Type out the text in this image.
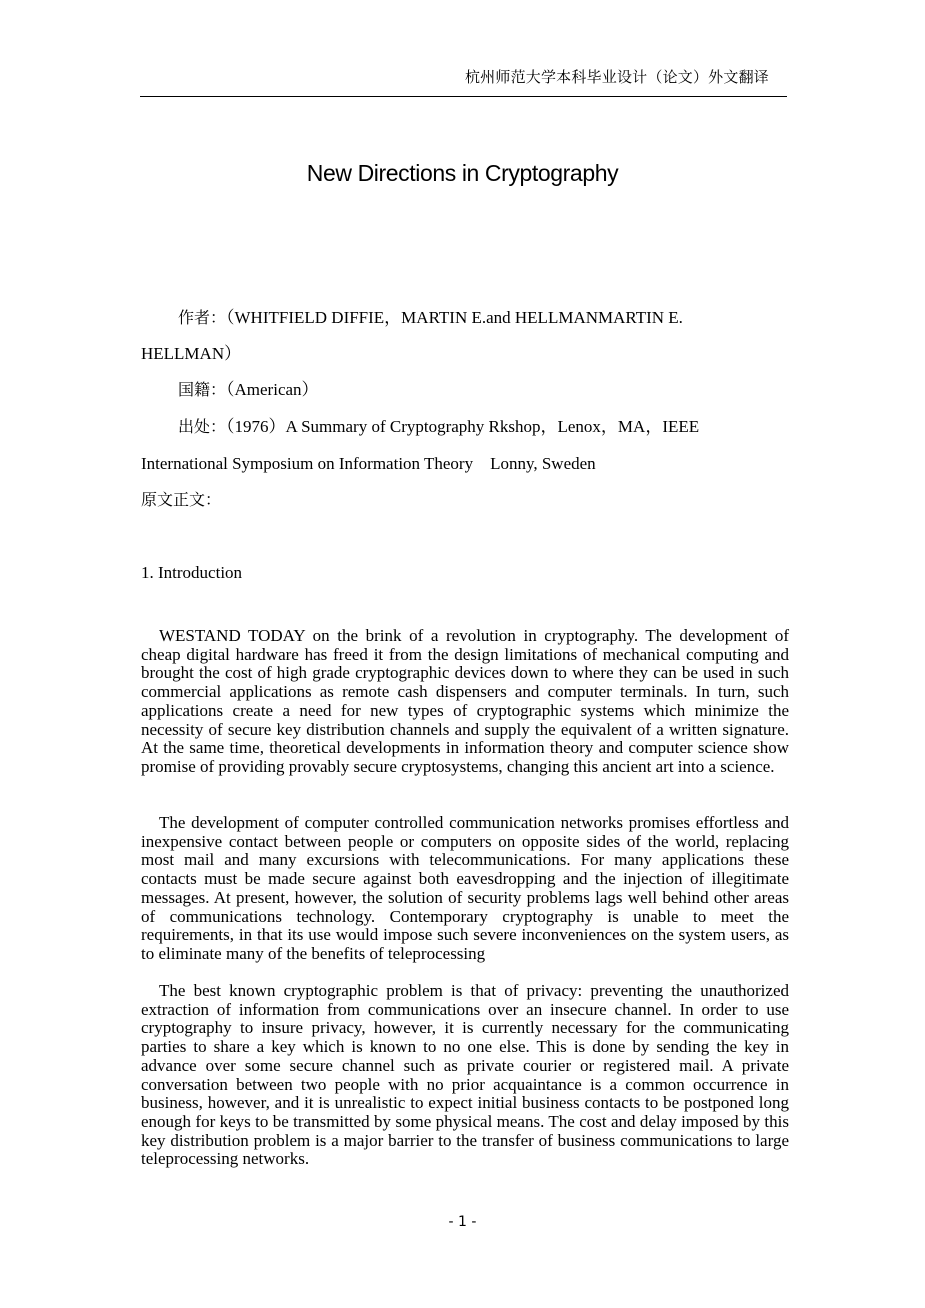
杭州师范大学本科毕业设计（论文）外文翻译
New Directions in Cryptography
作者：（WHITFIELD DIFFIE，MARTIN E.and HELLMANMARTIN E.
HELLMAN）
国籍：（American）
出处：（1976）A Summary of Cryptography Rkshop，Lenox，MA，IEEE
International Symposium on Information Theory    Lonny, Sweden
原文正文：
1. Introduction

WESTAND TODAY on the brink of a revolution in cryptography. The development of cheap digital hardware has freed it from the design limitations of mechanical computing and brought the cost of high grade cryptographic devices down to where they can be used in such commercial applications as remote cash dispensers and computer terminals. In turn, such applications create a need for new types of cryptographic systems which minimize the necessity of secure key distribution channels and supply the equivalent of a written signature. At the same time, theoretical developments in information theory and computer science show promise of providing provably secure cryptosystems, changing this ancient art into a science.

The development of computer controlled communication networks promises effortless and inexpensive contact between people or computers on opposite sides of the world, replacing most mail and many excursions with telecommunications. For many applications these contacts must be made secure against both eavesdropping and the injection of illegitimate messages. At present, however, the solution of security problems lags well behind other areas of communications technology. Contemporary cryptography is unable to meet the requirements, in that its use would impose such severe inconveniences on the system users, as to eliminate many of the benefits of teleprocessing

The best known cryptographic problem is that of privacy: preventing the unauthorized extraction of information from communications over an insecure channel. In order to use cryptography to insure privacy, however, it is currently necessary for the communicating parties to share a key which is known to no one else. This is done by sending the key in advance over some secure channel such as private courier or registered mail. A private conversation between two people with no prior acquaintance is a common occurrence in business, however, and it is unrealistic to expect initial business contacts to be postponed long enough for keys to be transmitted by some physical means. The cost and delay imposed by this key distribution problem is a major barrier to the transfer of business communications to large teleprocessing networks.

- 1 -
